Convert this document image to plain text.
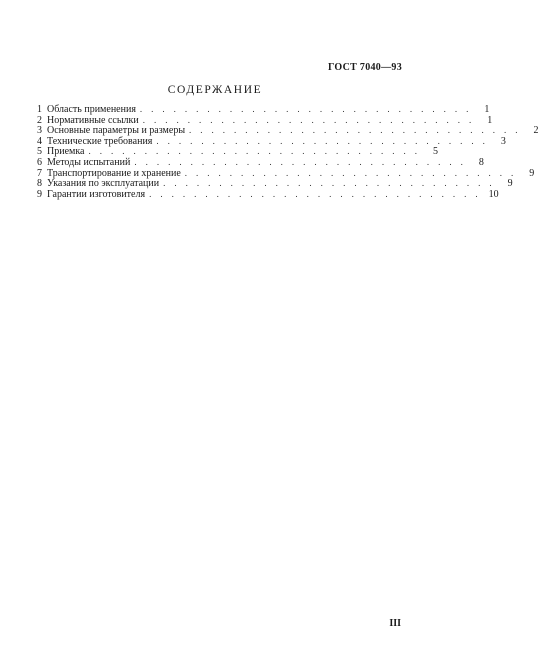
ГОСТ 7040—93
СОДЕРЖАНИЕ
1 Область применения .............................. 1
2 Нормативные ссылки .............................. 1
3 Основные параметры и размеры .............................. 2
4 Технические требования .............................. 3
5 Приемка .............................. 5
6 Методы испытаний .............................. 8
7 Транспортирование и хранение .............................. 9
8 Указания по эксплуатации .............................. 9
9 Гарантии изготовителя .............................. 10
III
